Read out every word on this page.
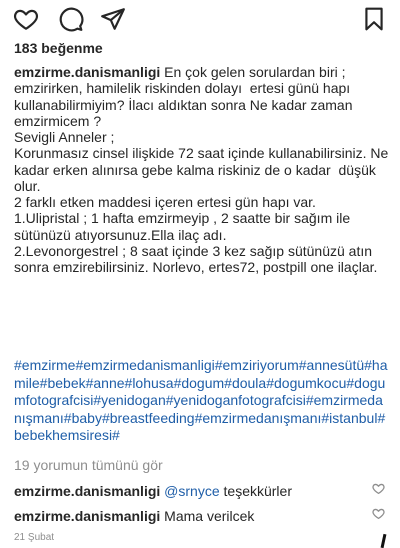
183 beğenme
emzirme.danismanligi En çok gelen sorulardan biri ;
emzirirken, hamilelik riskinden dolayı  ertesi günü hapı kullanabilirmiyim? İlacı aldıktan sonra Ne kadar zaman emzirmicem ?
Sevigli Anneler ;
Korunmasız cinsel ilişkide 72 saat içinde kullanabilirsiniz. Ne kadar erken alınırsa gebe kalma riskiniz de o kadar  düşük olur.
2 farklı etken maddesi içeren ertesi gün hapı var.
1.Ulipristal ; 1 hafta emzirmeyip , 2 saatte bir sağım ile sütünüzü atıyorsunuz.Ella ilaç adı.
2.Levonorgestrel ; 8 saat içinde 3 kez sağıp sütünüzü atın sonra emzirebilirsiniz. Norlevo, ertes72, postpill one ilaçlar.
#emzirme#emzirmedanismanligi#emziriyorum#annesütü#hamile#bebek#anne#lohusa#dogum#doula#dogumkocu#dogumfotografcisi#yenidogan#yenidoganfotografcisi#emzirmedanışmanı#baby#breastfeeding#emzirmedanışmanı#istanbul#bebekhemsiresi#
19 yorumun tümünü gör
emzirme.danismanligi @srnyce teşekkürler
emzirme.danismanligi Mama verilcek
21 Şubat
